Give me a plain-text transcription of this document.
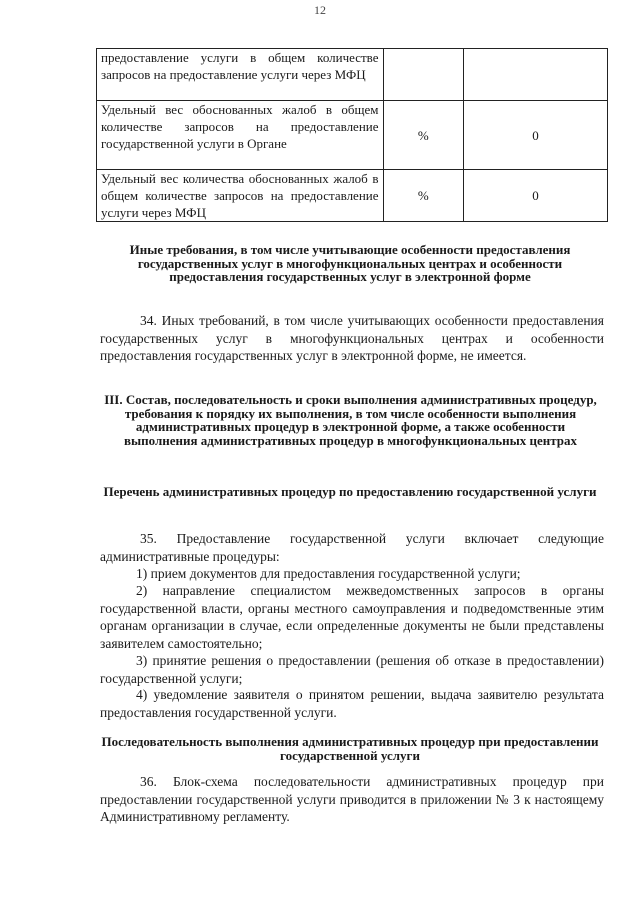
12
предоставление услуги в общем количестве запросов на предоставление услуги через МФЦ		
Удельный вес обоснованных жалоб в общем количестве запросов на предоставление государственной услуги в Органе	%	0
Удельный вес количества обоснованных жалоб в общем количестве запросов на предоставление услуги через МФЦ	%	0
Иные требования, в том числе учитывающие особенности предоставления государственных услуг в многофункциональных центрах и особенности предоставления государственных услуг в электронной форме

34. Иных требований, в том числе учитывающих особенности предоставления государственных услуг в многофункциональных центрах и особенности предоставления государственных услуг в электронной форме, не имеется.

III. Состав, последовательность и сроки выполнения административных процедур, требования к порядку их выполнения, в том числе особенности выполнения административных процедур в электронной форме, а также особенности выполнения административных процедур в многофункциональных центрах
Перечень административных процедур по предоставлению государственной услуги

35. Предоставление государственной услуги включает следующие административные процедуры:

1) прием документов для предоставления государственной услуги;

2) направление специалистом межведомственных запросов в органы государственной власти, органы местного самоуправления и подведомственные этим органам организации в случае, если определенные документы не были представлены заявителем самостоятельно;

3) принятие решения о предоставлении (решения об отказе в предоставлении) государственной услуги;

4) уведомление заявителя о принятом решении, выдача заявителю результата предоставления государственной услуги.

Последовательность выполнения административных процедур при предоставлении государственной услуги

36. Блок-схема последовательности административных процедур при предоставлении государственной услуги приводится в приложении № 3 к настоящему Административному регламенту.
